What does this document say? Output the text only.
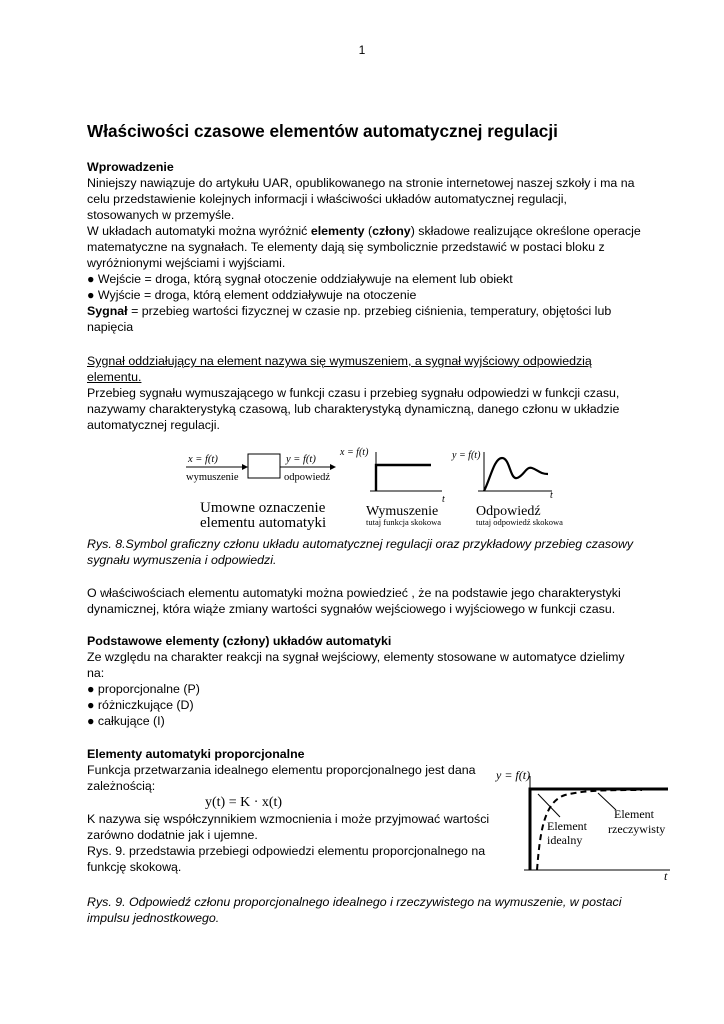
1
Właściwości czasowe elementów automatycznej regulacji
Wprowadzenie
Niniejszy nawiązuje do artykułu UAR, opublikowanego na stronie internetowej naszej szkoły i ma na
celu przedstawienie kolejnych informacji i właściwości układów automatycznej regulacji,
stosowanych w przemyśle.
W układach automatyki można wyróżnić elementy (człony) składowe realizujące określone operacje
matematyczne na sygnałach. Te elementy dają się symbolicznie przedstawić w postaci bloku z
wyróżnionymi wejściami i wyjściami.
● Wejście = droga, którą sygnał otoczenie oddziaływuje na element lub obiekt
● Wyjście = droga, którą element oddziaływuje na otoczenie
Sygnał = przebieg wartości fizycznej w czasie np. przebieg ciśnienia, temperatury, objętości lub
napięcia
Sygnał oddziałujący na element nazywa się wymuszeniem, a sygnał wyjściowy odpowiedzią
elementu.
Przebieg sygnału wymuszającego w funkcji czasu i przebieg sygnału odpowiedzi w funkcji czasu,
nazywamy charakterystyką czasową, lub charakterystyką dynamiczną, danego członu w układzie
automatycznej regulacji.
x = f(t)
wymuszenie
y = f(t)
odpowiedź
Umowne oznaczenie
elementu automatyki
x = f(t)
t
Wymuszenie
tutaj funkcja skokowa
y = f(t)
t
Odpowiedź
tutaj odpowiedź skokowa
Rys. 8.Symbol graficzny członu układu automatycznej regulacji oraz przykładowy przebieg czasowy
sygnału wymuszenia i odpowiedzi.
O właściwościach elementu automatyki można powiedzieć , że na podstawie jego charakterystyki
dynamicznej, która wiąże zmiany wartości sygnałów wejściowego i wyjściowego w funkcji czasu.
Podstawowe elementy (człony) układów automatyki
Ze względu na charakter reakcji na sygnał wejściowy, elementy stosowane w automatyce dzielimy
na:
● proporcjonalne (P)
● różniczkujące (D)
● całkujące (I)
Elementy automatyki proporcjonalne
Funkcja przetwarzania idealnego elementu proporcjonalnego jest dana
zależnością:
y(t) = K · x(t)
K nazywa się współczynnikiem wzmocnienia i może przyjmować wartości
zarówno dodatnie jak i ujemne.
Rys. 9. przedstawia przebiegi odpowiedzi elementu proporcjonalnego na
funkcję skokową.
y = f(t)
t
Element
idealny
Element
rzeczywisty
Rys. 9. Odpowiedź członu proporcjonalnego idealnego i rzeczywistego na wymuszenie, w postaci
impulsu jednostkowego.
